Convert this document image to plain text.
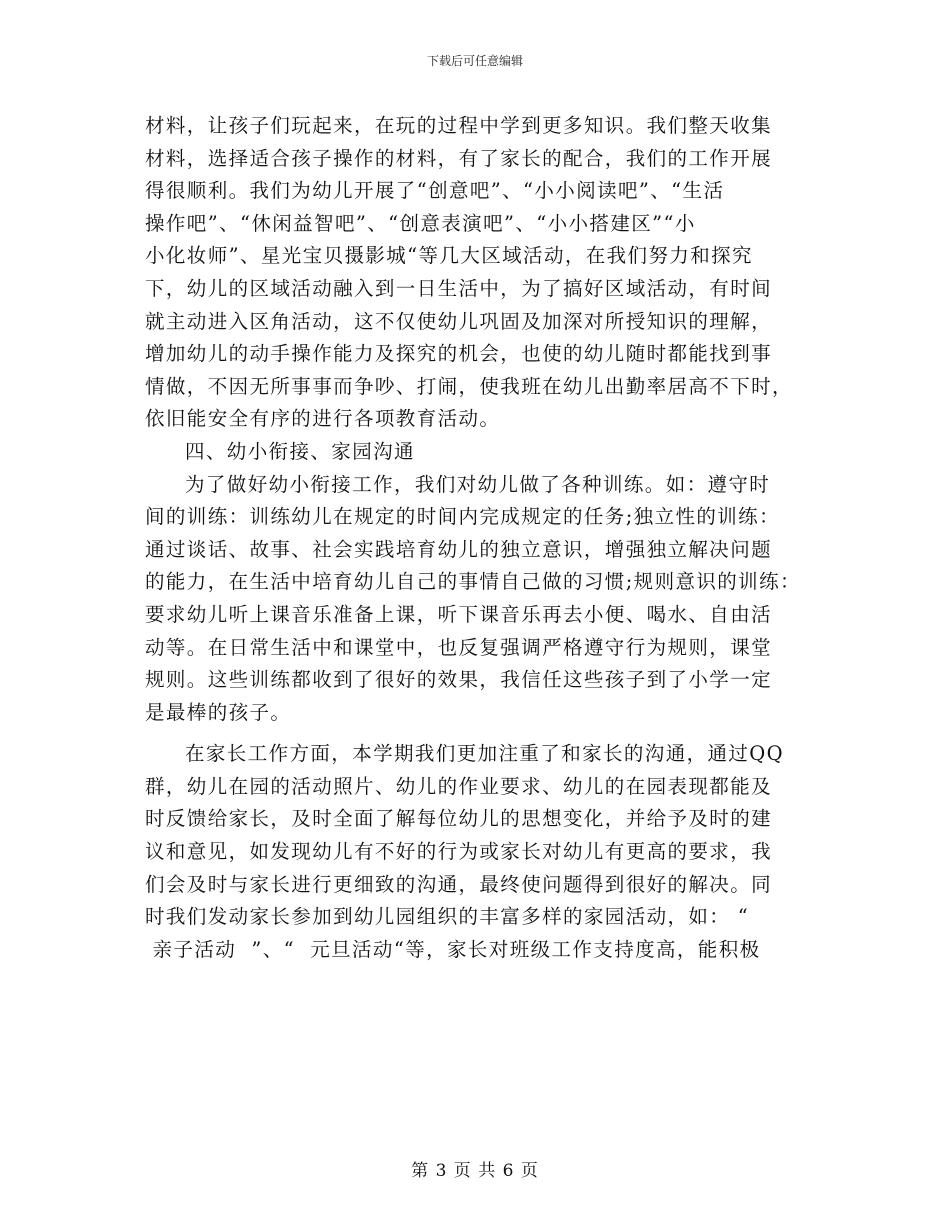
下载后可任意编辑
材料，让孩子们玩起来，在玩的过程中学到更多知识。我们整天收集
材料，选择适合孩子操作的材料，有了家长的配合，我们的工作开展
得很顺利。我们为幼儿开展了“创意吧”、“小小阅读吧”、“生活
操作吧”、“休闲益智吧”、“创意表演吧”、“小小搭建区”“小
小化妆师”、星光宝贝摄影城“等几大区域活动，在我们努力和探究
下，幼儿的区域活动融入到一日生活中，为了搞好区域活动，有时间
就主动进入区角活动，这不仅使幼儿巩固及加深对所授知识的理解，
增加幼儿的动手操作能力及探究的机会，也使的幼儿随时都能找到事
情做，不因无所事事而争吵、打闹，使我班在幼儿出勤率居高不下时，
依旧能安全有序的进行各项教育活动。
四、幼小衔接、家园沟通
为了做好幼小衔接工作，我们对幼儿做了各种训练。如：遵守时
间的训练：训练幼儿在规定的时间内完成规定的任务;独立性的训练：
通过谈话、故事、社会实践培育幼儿的独立意识，增强独立解决问题
的能力，在生活中培育幼儿自己的事情自己做的习惯;规则意识的训练：
要求幼儿听上课音乐准备上课，听下课音乐再去小便、喝水、自由活
动等。在日常生活中和课堂中，也反复强调严格遵守行为规则，课堂
规则。这些训练都收到了很好的效果，我信任这些孩子到了小学一定
是最棒的孩子。
在家长工作方面，本学期我们更加注重了和家长的沟通，通过QQ
群，幼儿在园的活动照片、幼儿的作业要求、幼儿的在园表现都能及
时反馈给家长，及时全面了解每位幼儿的思想变化，并给予及时的建
议和意见，如发现幼儿有不好的行为或家长对幼儿有更高的要求，我
们会及时与家长进行更细致的沟通，最终使问题得到很好的解决。同
时我们发动家长参加到幼儿园组织的丰富多样的家园活动，如： “
亲子活动  ”、“  元旦活动“等，家长对班级工作支持度高，能积极
第 3 页 共 6 页
